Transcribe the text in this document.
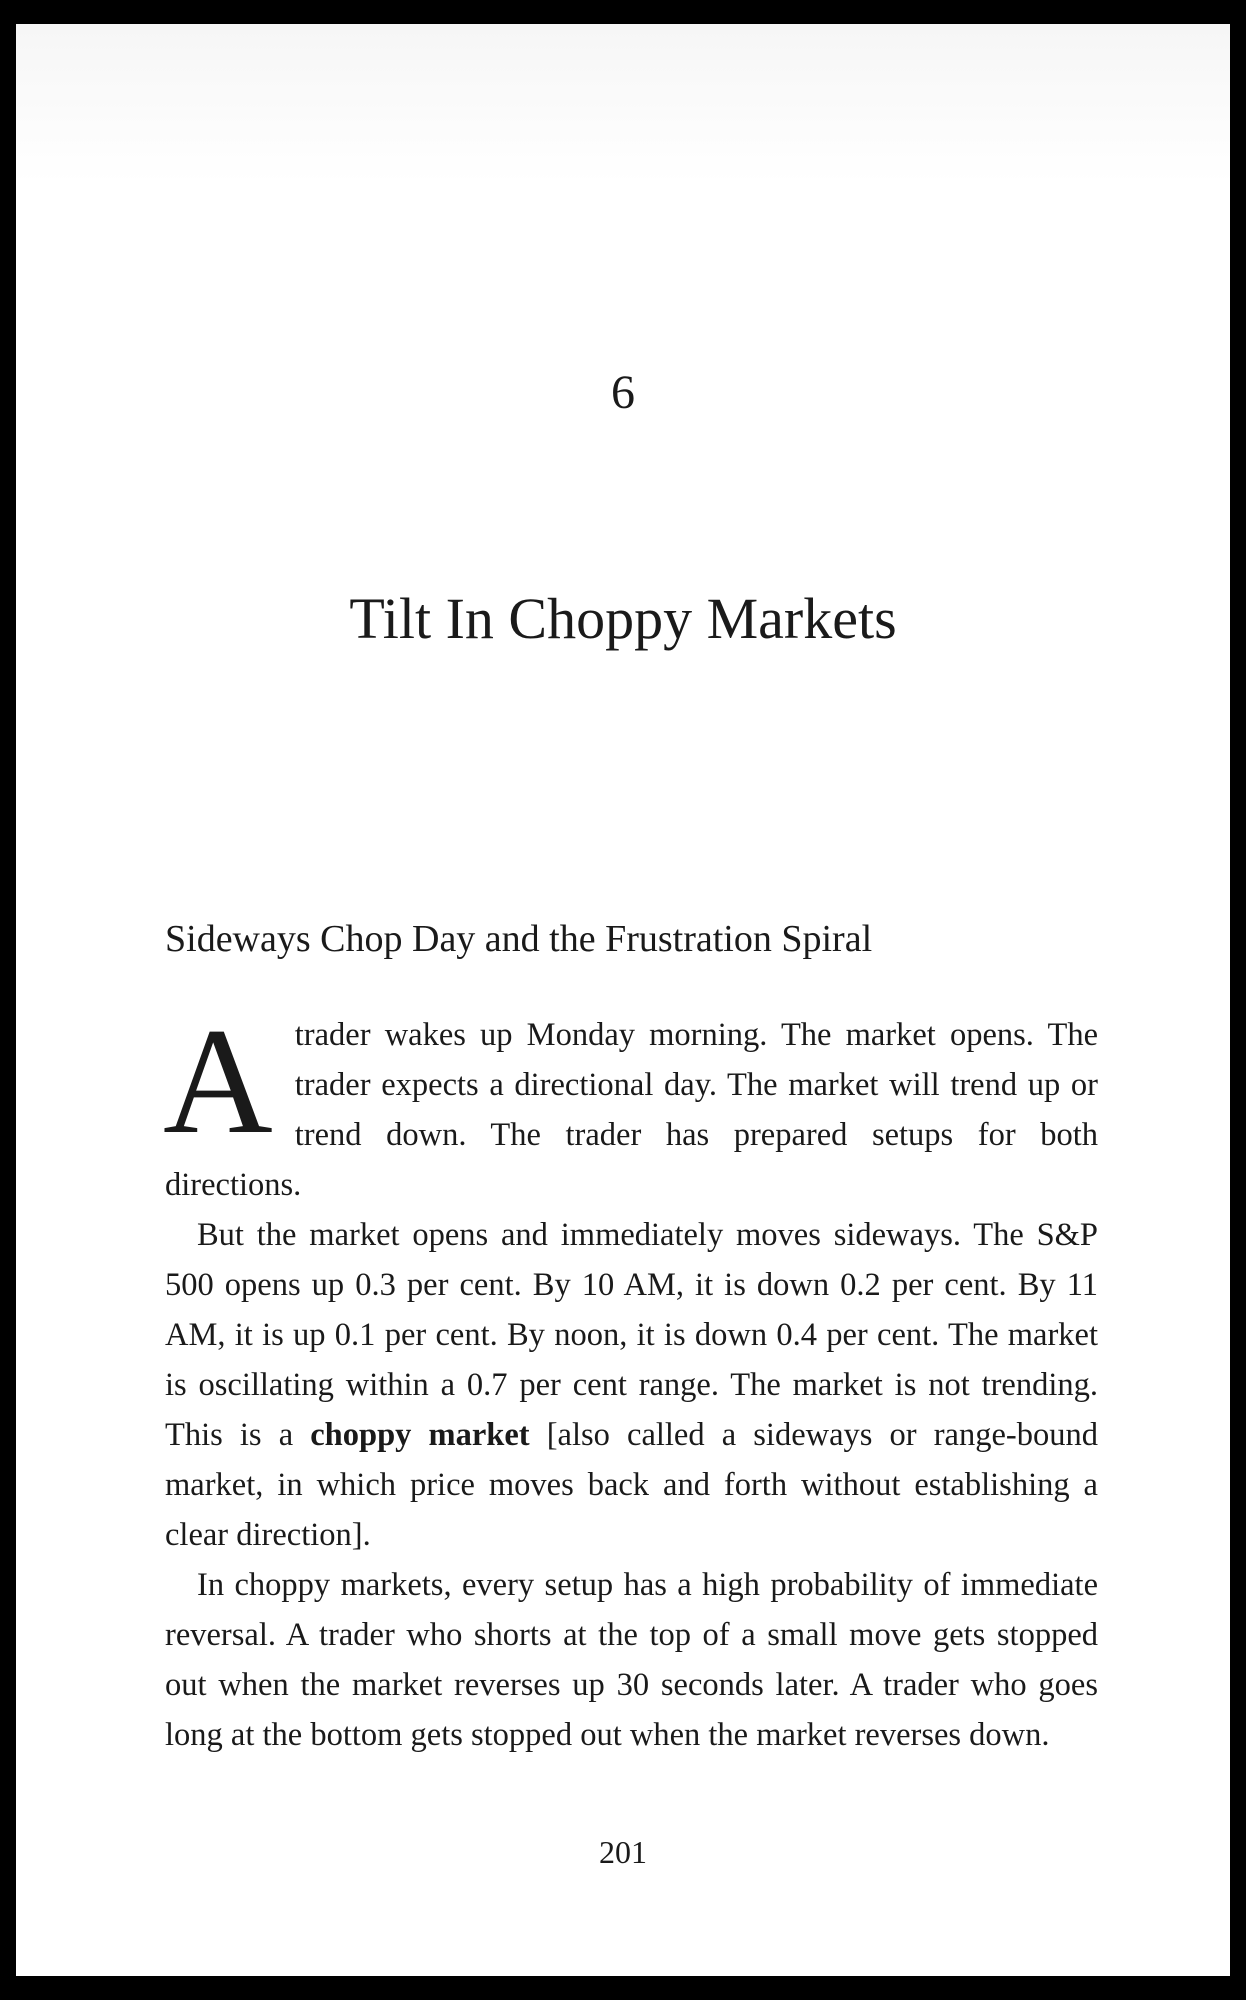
6
Tilt In Choppy Markets
Sideways Chop Day and the Frustration Spiral

Atrader wakes up Monday morning. The market opens. The trader expects a directional day. The market will trend up or trend down. The trader has prepared setups for both directions.

But the market opens and immediately moves sideways. The S&P 500 opens up 0.3 per cent. By 10 AM, it is down 0.2 per cent. By 11 AM, it is up 0.1 per cent. By noon, it is down 0.4 per cent. The market is oscillating within a 0.7 per cent range. The market is not trending. This is a choppy market [also called a sideways or range-bound market, in which price moves back and forth without establishing a clear direction].

In choppy markets, every setup has a high probability of immediate reversal. A trader who shorts at the top of a small move gets stopped out when the market reverses up 30 seconds later. A trader who goes long at the bottom gets stopped out when the market reverses down.

201
